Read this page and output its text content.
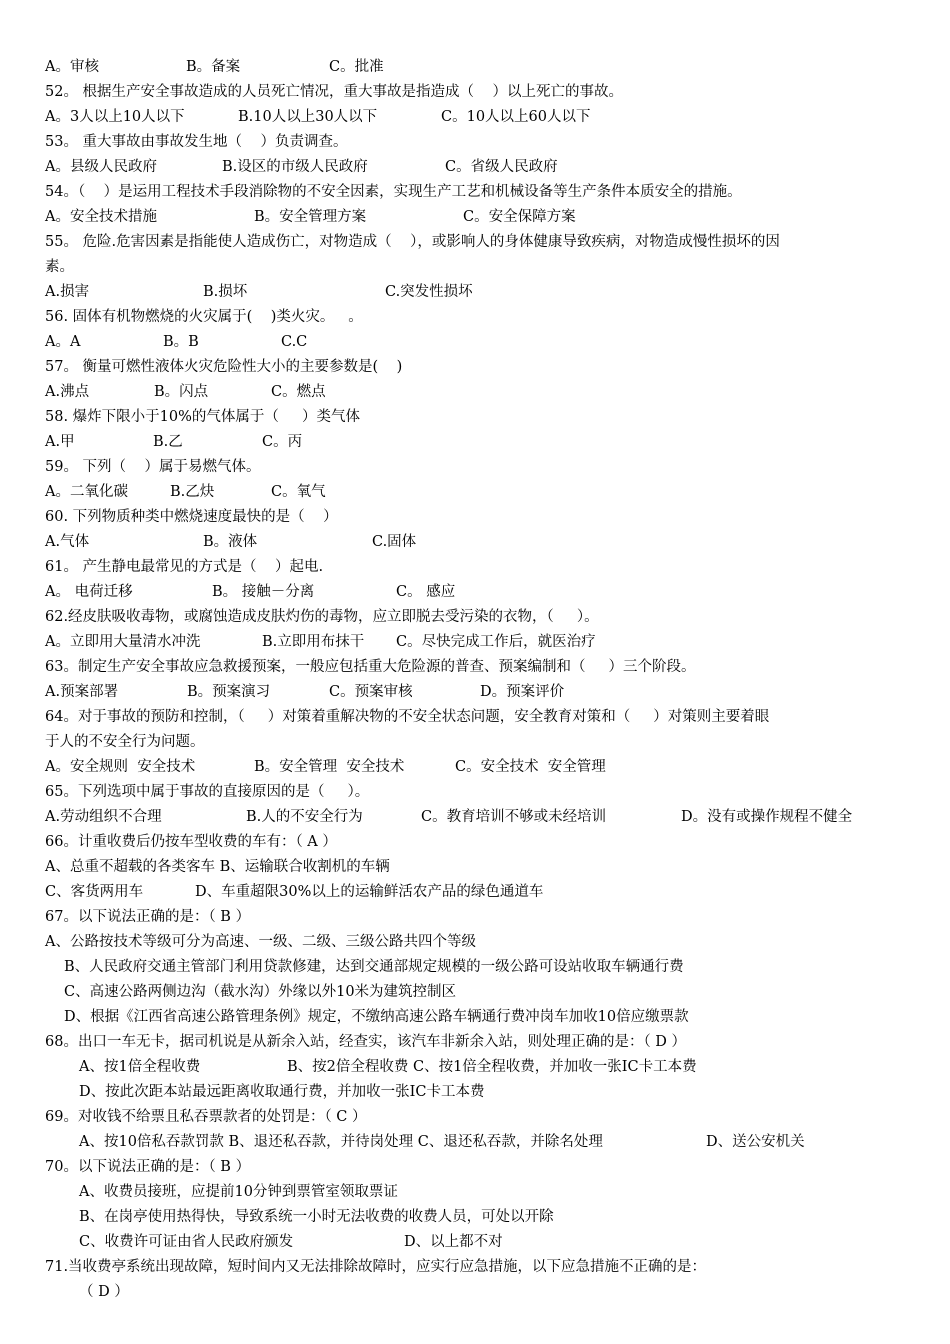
A。审核	B。备案	C。批准
52。 根据生产安全事故造成的人员死亡情况，重大事故是指造成（    ）以上死亡的事故。
A。3人以上10人以下	B.10人以上30人以下	C。10人以上60人以下
53。 重大事故由事故发生地（    ）负责调查。
A。县级人民政府	B.设区的市级人民政府	C。省级人民政府
54。（    ）是运用工程技术手段消除物的不安全因素，实现生产工艺和机械设备等生产条件本质安全的措施。
A。安全技术措施	B。安全管理方案	C。安全保障方案
55。 危险.危害因素是指能使人造成伤亡，对物造成（    ），或影响人的身体健康导致疾病，对物造成慢性损坏的因
素。
A.损害	B.损坏	C.突发性损坏
56. 固体有机物燃烧的火灾属于(    )类火灾。   。
A。A	B。B	C.C
57。 衡量可燃性液体火灾危险性大小的主要参数是(    )
A.沸点	B。闪点	C。燃点
58. 爆炸下限小于10%的气体属于（     ）类气体
A.甲	B.乙	C。丙
59。 下列（    ）属于易燃气体。
A。二氧化碳	B.乙炔	C。氧气
60. 下列物质种类中燃烧速度最快的是（    ）
A.气体	B。液体	C.固体
61。 产生静电最常见的方式是（    ）起电.
A。 电荷迁移	B。 接触－分离	C。 感应
62.经皮肤吸收毒物，或腐蚀造成皮肤灼伤的毒物，应立即脱去受污染的衣物，（     ）。
A。立即用大量清水冲洗	B.立即用布抹干 C。尽快完成工作后，就医治疗
63。制定生产安全事故应急救援预案，一般应包括重大危险源的普查、预案编制和（     ）三个阶段。
A.预案部署	B。预案演习	C。预案审核	D。预案评价
64。对于事故的预防和控制，（     ）对策着重解决物的不安全状态问题，安全教育对策和（     ）对策则主要着眼
于人的不安全行为问题。
A。安全规则  安全技术	B。安全管理  安全技术	C。安全技术  安全管理
65。下列选项中属于事故的直接原因的是（     ）。
A.劳动组织不合理	B.人的不安全行为	C。教育培训不够或未经培训	D。没有或操作规程不健全
66。计重收费后仍按车型收费的车有：（ A ）
A、总重不超载的各类客车 B、运输联合收割机的车辆
C、客货两用车	D、车重超限30%以上的运输鲜活农产品的绿色通道车
67。以下说法正确的是：（ B ）
A、公路按技术等级可分为高速、一级、二级、三级公路共四个等级
B、人民政府交通主管部门利用贷款修建，达到交通部规定规模的一级公路可设站收取车辆通行费
C、高速公路两侧边沟（截水沟）外缘以外10米为建筑控制区
D、根据《江西省高速公路管理条例》规定，不缴纳高速公路车辆通行费冲岗车加收10倍应缴票款
68。出口一车无卡，据司机说是从新余入站，经查实，该汽车非新余入站，则处理正确的是：（ D ）
A、按1倍全程收费	B、按2倍全程收费 C、按1倍全程收费，并加收一张IC卡工本费
D、按此次距本站最远距离收取通行费，并加收一张IC卡工本费
69。对收钱不给票且私吞票款者的处罚是：（ C ）
A、按10倍私吞款罚款 B、退还私吞款，并待岗处理 C、退还私吞款，并除名处理	D、送公安机关
70。以下说法正确的是：（ B ）
A、收费员接班，应提前10分钟到票管室领取票证
B、在岗亭使用热得快，导致系统一小时无法收费的收费人员，可处以开除
C、收费许可证由省人民政府颁发	D、以上都不对
71.当收费亭系统出现故障，短时间内又无法排除故障时，应实行应急措施，以下应急措施不正确的是：
（ D ）
